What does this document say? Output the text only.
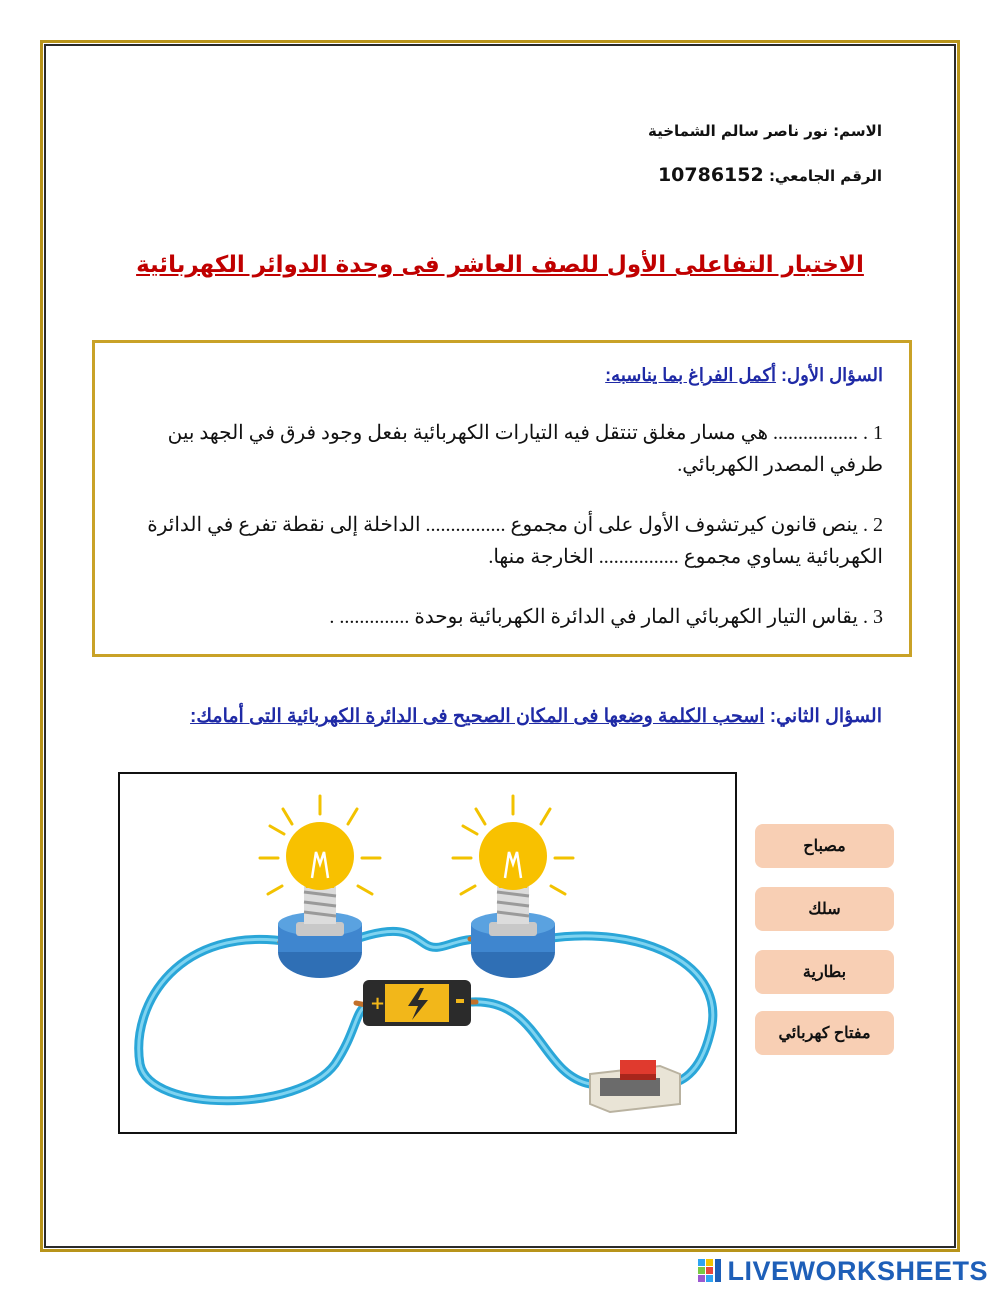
الاسم: نور ناصر سالم الشماخية
الرقم الجامعي: 10786152
الاختبار التفاعلى الأول للصف العاشر فى وحدة الدوائر الكهربائية
السؤال الأول: أكمل الفراغ بما يناسبه:
1 . ................. هي مسار مغلق تنتقل فيه التيارات الكهربائية بفعل وجود فرق في الجهد بين طرفي المصدر الكهربائي.
2 . ينص قانون كيرتشوف الأول على أن مجموع ................ الداخلة إلى نقطة تفرع في الدائرة الكهربائية يساوي مجموع ................ الخارجة منها.
3 . يقاس التيار الكهربائي المار في الدائرة الكهربائية بوحدة .............. .
السؤال الثاني: اسحب الكلمة وضعها فى المكان الصحيح فى الدائرة الكهربائية التى أمامك:
+
مصباح
سلك
بطارية
مفتاح كهربائي
LIVEWORKSHEETS
